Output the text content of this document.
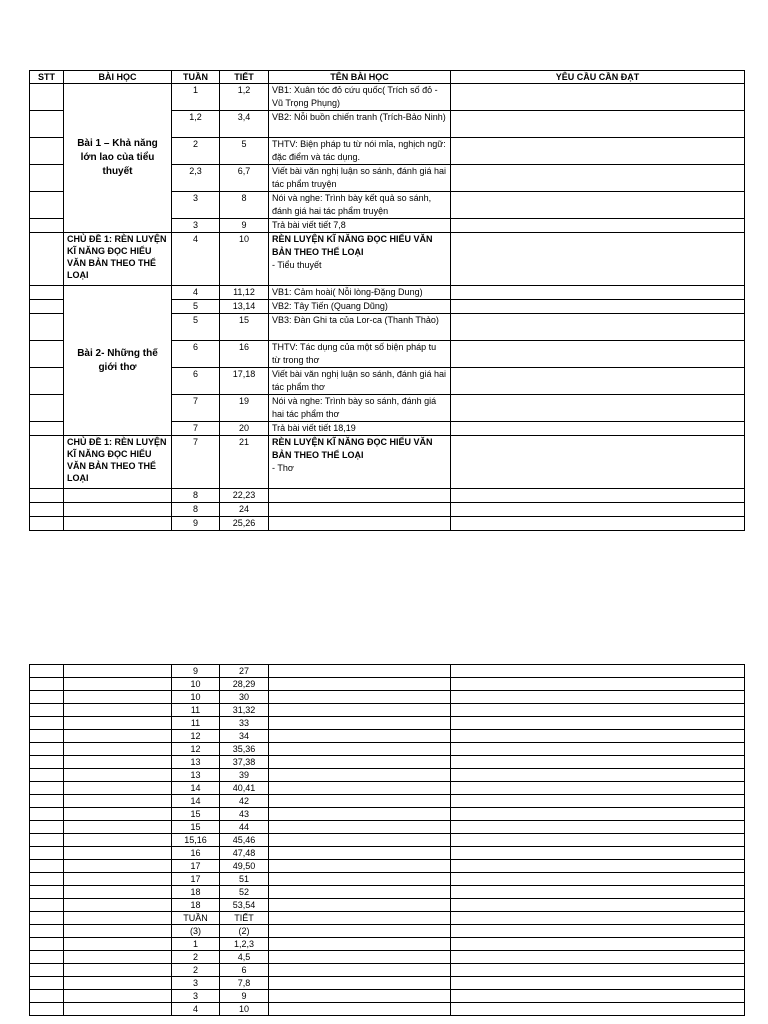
STT	BÀI HỌC	TUẦN	TIẾT	TÊN BÀI HỌC	YÊU CẦU CẦN ĐẠT
	Bài 1 – Khả năng lớn lao của tiểu thuyết	1	1,2	VB1: Xuân tóc đỏ cứu quốc( Trích số đỏ - Vũ Trọng Phụng)	
		1,2	3,4	VB2: Nỗi buồn chiến tranh (Trích-Bảo Ninh)	
		2	5	THTV: Biện pháp tu từ nói mỉa, nghịch ngữ: đặc điểm và tác dụng.	
		2,3	6,7	Viết bài văn nghị luận so sánh, đánh giá hai tác phẩm truyện	
		3	8	Nói và nghe: Trình bày kết quả so sánh, đánh giá hai tác phẩm truyện	
		3	9	Trả bài viết tiết 7,8	
	CHỦ ĐỀ 1: RÈN LUYỆN KĨ NĂNG ĐỌC HIỂU VĂN BẢN THEO THỂ LOẠI	4	10	RÈN LUYỆN KĨ NĂNG ĐỌC HIỂU VĂN BẢN THEO THỂ LOẠI
- Tiểu thuyết	

	Bài 2- Những thế giới thơ	4	11,12	VB1: Cảm hoài( Nỗi lòng-Đặng Dung)	
		5	13,14	VB2: Tây Tiến (Quang Dũng)	
		5	15	VB3: Đàn Ghi ta của Lor-ca (Thanh Thảo)	
		6	16	THTV: Tác dụng của một số biện pháp tu từ trong thơ	
		6	17,18	Viết bài văn nghị luận so sánh, đánh giá hai tác phẩm thơ	
		7	19	Nói và nghe: Trình bày so sánh, đánh giá hai tác phẩm thơ	
		7	20	Trả bài viết tiết 18,19	
	CHỦ ĐỀ 1: RÈN LUYỆN KĨ NĂNG ĐỌC HIỂU VĂN BẢN THEO THỂ LOẠI	7	21	RÈN LUYỆN KĨ NĂNG ĐỌC HIỂU VĂN BẢN THEO THỂ LOẠI
- Thơ	

		8	22,23		
		8	24		
		9	25,26		
		9	27		
		10	28,29		
		10	30		
		11	31,32		
		11	33		
		12	34		
		12	35,36		
		13	37,38		
		13	39		
		14	40,41		
		14	42		
		15	43		
		15	44		
		15,16	45,46		
		16	47,48		
		17	49,50		
		17	51		
		18	52		
		18	53,54		
		TUẦN	TIẾT		
		(3)	(2)		
		1	1,2,3		
		2	4,5		
		2	6		
		3	7,8		
		3	9		
		4	10		
